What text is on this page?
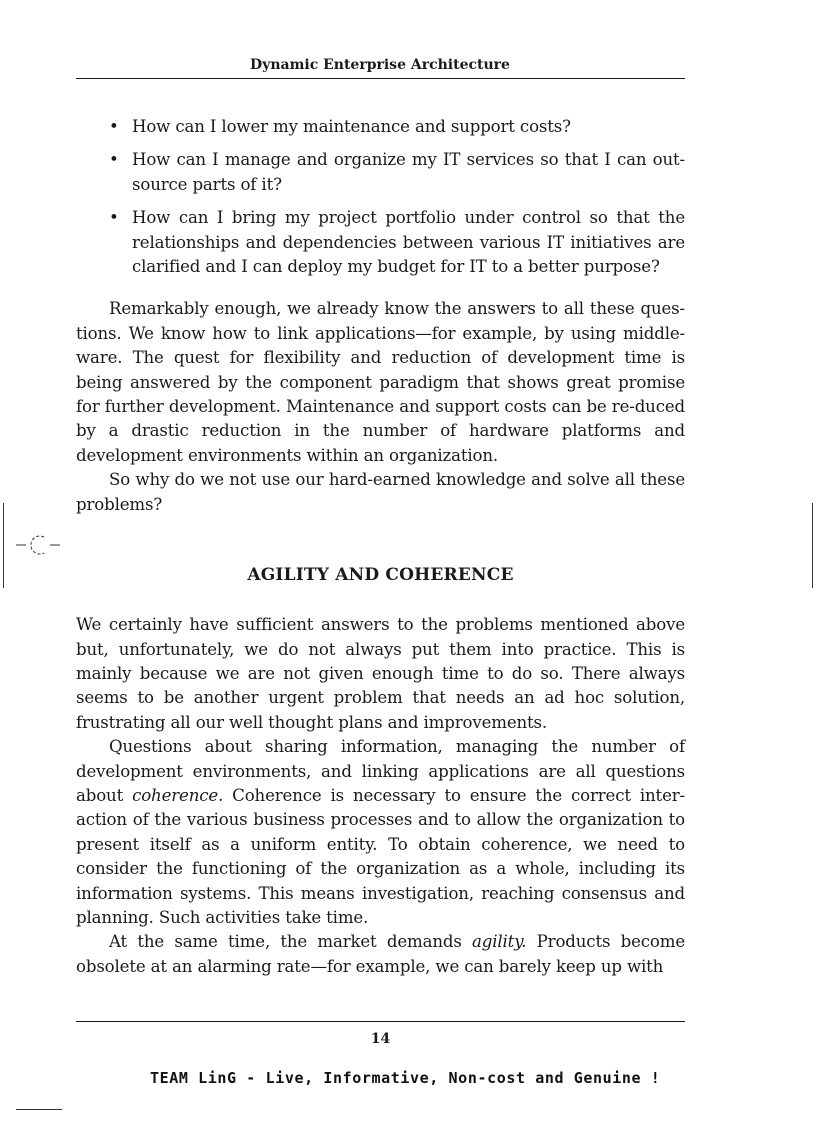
Dynamic Enterprise Architecture
• How can I lower my maintenance and support costs?
• How can I manage and organize my IT services so that I can out-source parts of it?
• How can I bring my project portfolio under control so that the relationships and dependencies between various IT initiatives are clarified and I can deploy my budget for IT to a better purpose?

Remarkably enough, we already know the answers to all these ques-tions. We know how to link applications—for example, by using middle-ware. The quest for flexibility and reduction of development time is being answered by the component paradigm that shows great promise for further development. Maintenance and support costs can be re-duced by a drastic reduction in the number of hardware platforms and development environments within an organization.

So why do we not use our hard-earned knowledge and solve all these problems?

AGILITY AND COHERENCE

We certainly have sufficient answers to the problems mentioned above but, unfortunately, we do not always put them into practice. This is mainly because we are not given enough time to do so. There always seems to be another urgent problem that needs an ad hoc solution, frustrating all our well thought plans and improvements.

Questions about sharing information, managing the number of development environments, and linking applications are all questions about coherence. Coherence is necessary to ensure the correct inter-action of the various business processes and to allow the organization to present itself as a uniform entity. To obtain coherence, we need to consider the functioning of the organization as a whole, including its information systems. This means investigation, reaching consensus and planning. Such activities take time.

At the same time, the market demands agility. Products become obsolete at an alarming rate—for example, we can barely keep up with

14
TEAM LinG - Live, Informative, Non-cost and Genuine !
